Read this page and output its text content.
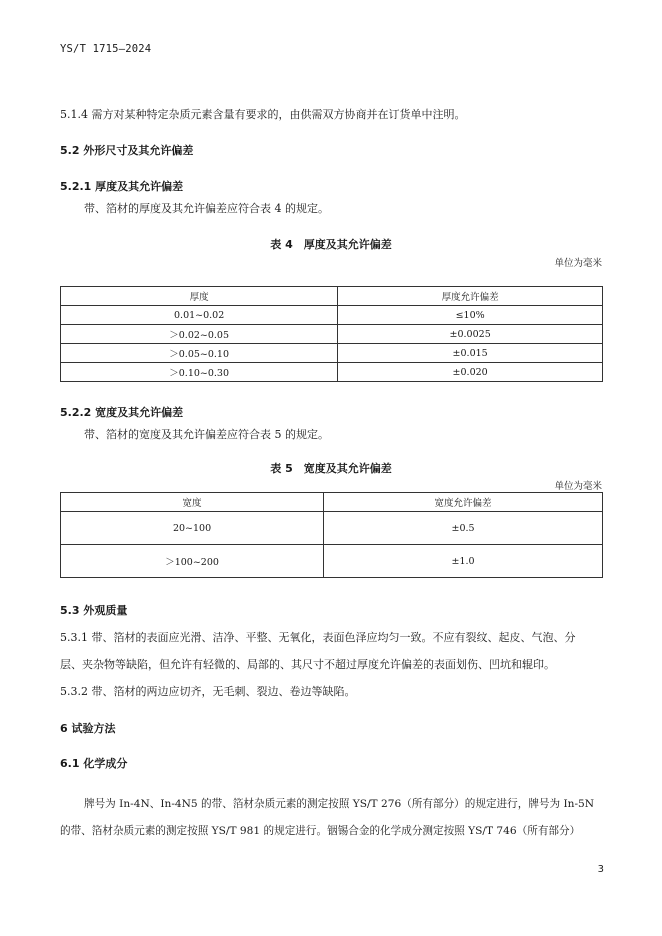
YS/T 1715—2024
5.1.4 需方对某种特定杂质元素含量有要求的，由供需双方协商并在订货单中注明。
5.2 外形尺寸及其允许偏差
5.2.1 厚度及其允许偏差
带、箔材的厚度及其允许偏差应符合表 4 的规定。
表 4　厚度及其允许偏差
单位为毫米
厚度	厚度允许偏差
0.01~0.02	≤10%
＞0.02~0.05	±0.0025
＞0.05~0.10	±0.015
＞0.10~0.30	±0.020
5.2.2 宽度及其允许偏差
带、箔材的宽度及其允许偏差应符合表 5 的规定。
表 5　宽度及其允许偏差
单位为毫米
宽度	宽度允许偏差
20~100	±0.5
＞100~200	±1.0
5.3 外观质量
5.3.1 带、箔材的表面应光滑、洁净、平整、无氧化，表面色泽应均匀一致。不应有裂纹、起皮、气泡、分
层、夹杂物等缺陷，但允许有轻微的、局部的、其尺寸不超过厚度允许偏差的表面划伤、凹坑和辊印。
5.3.2 带、箔材的两边应切齐，无毛刺、裂边、卷边等缺陷。
6 试验方法
6.1 化学成分
牌号为 In-4N、In-4N5 的带、箔材杂质元素的测定按照 YS/T 276（所有部分）的规定进行，牌号为 In-5N
的带、箔材杂质元素的测定按照 YS/T 981 的规定进行。铟锡合金的化学成分测定按照 YS/T 746（所有部分）
3
